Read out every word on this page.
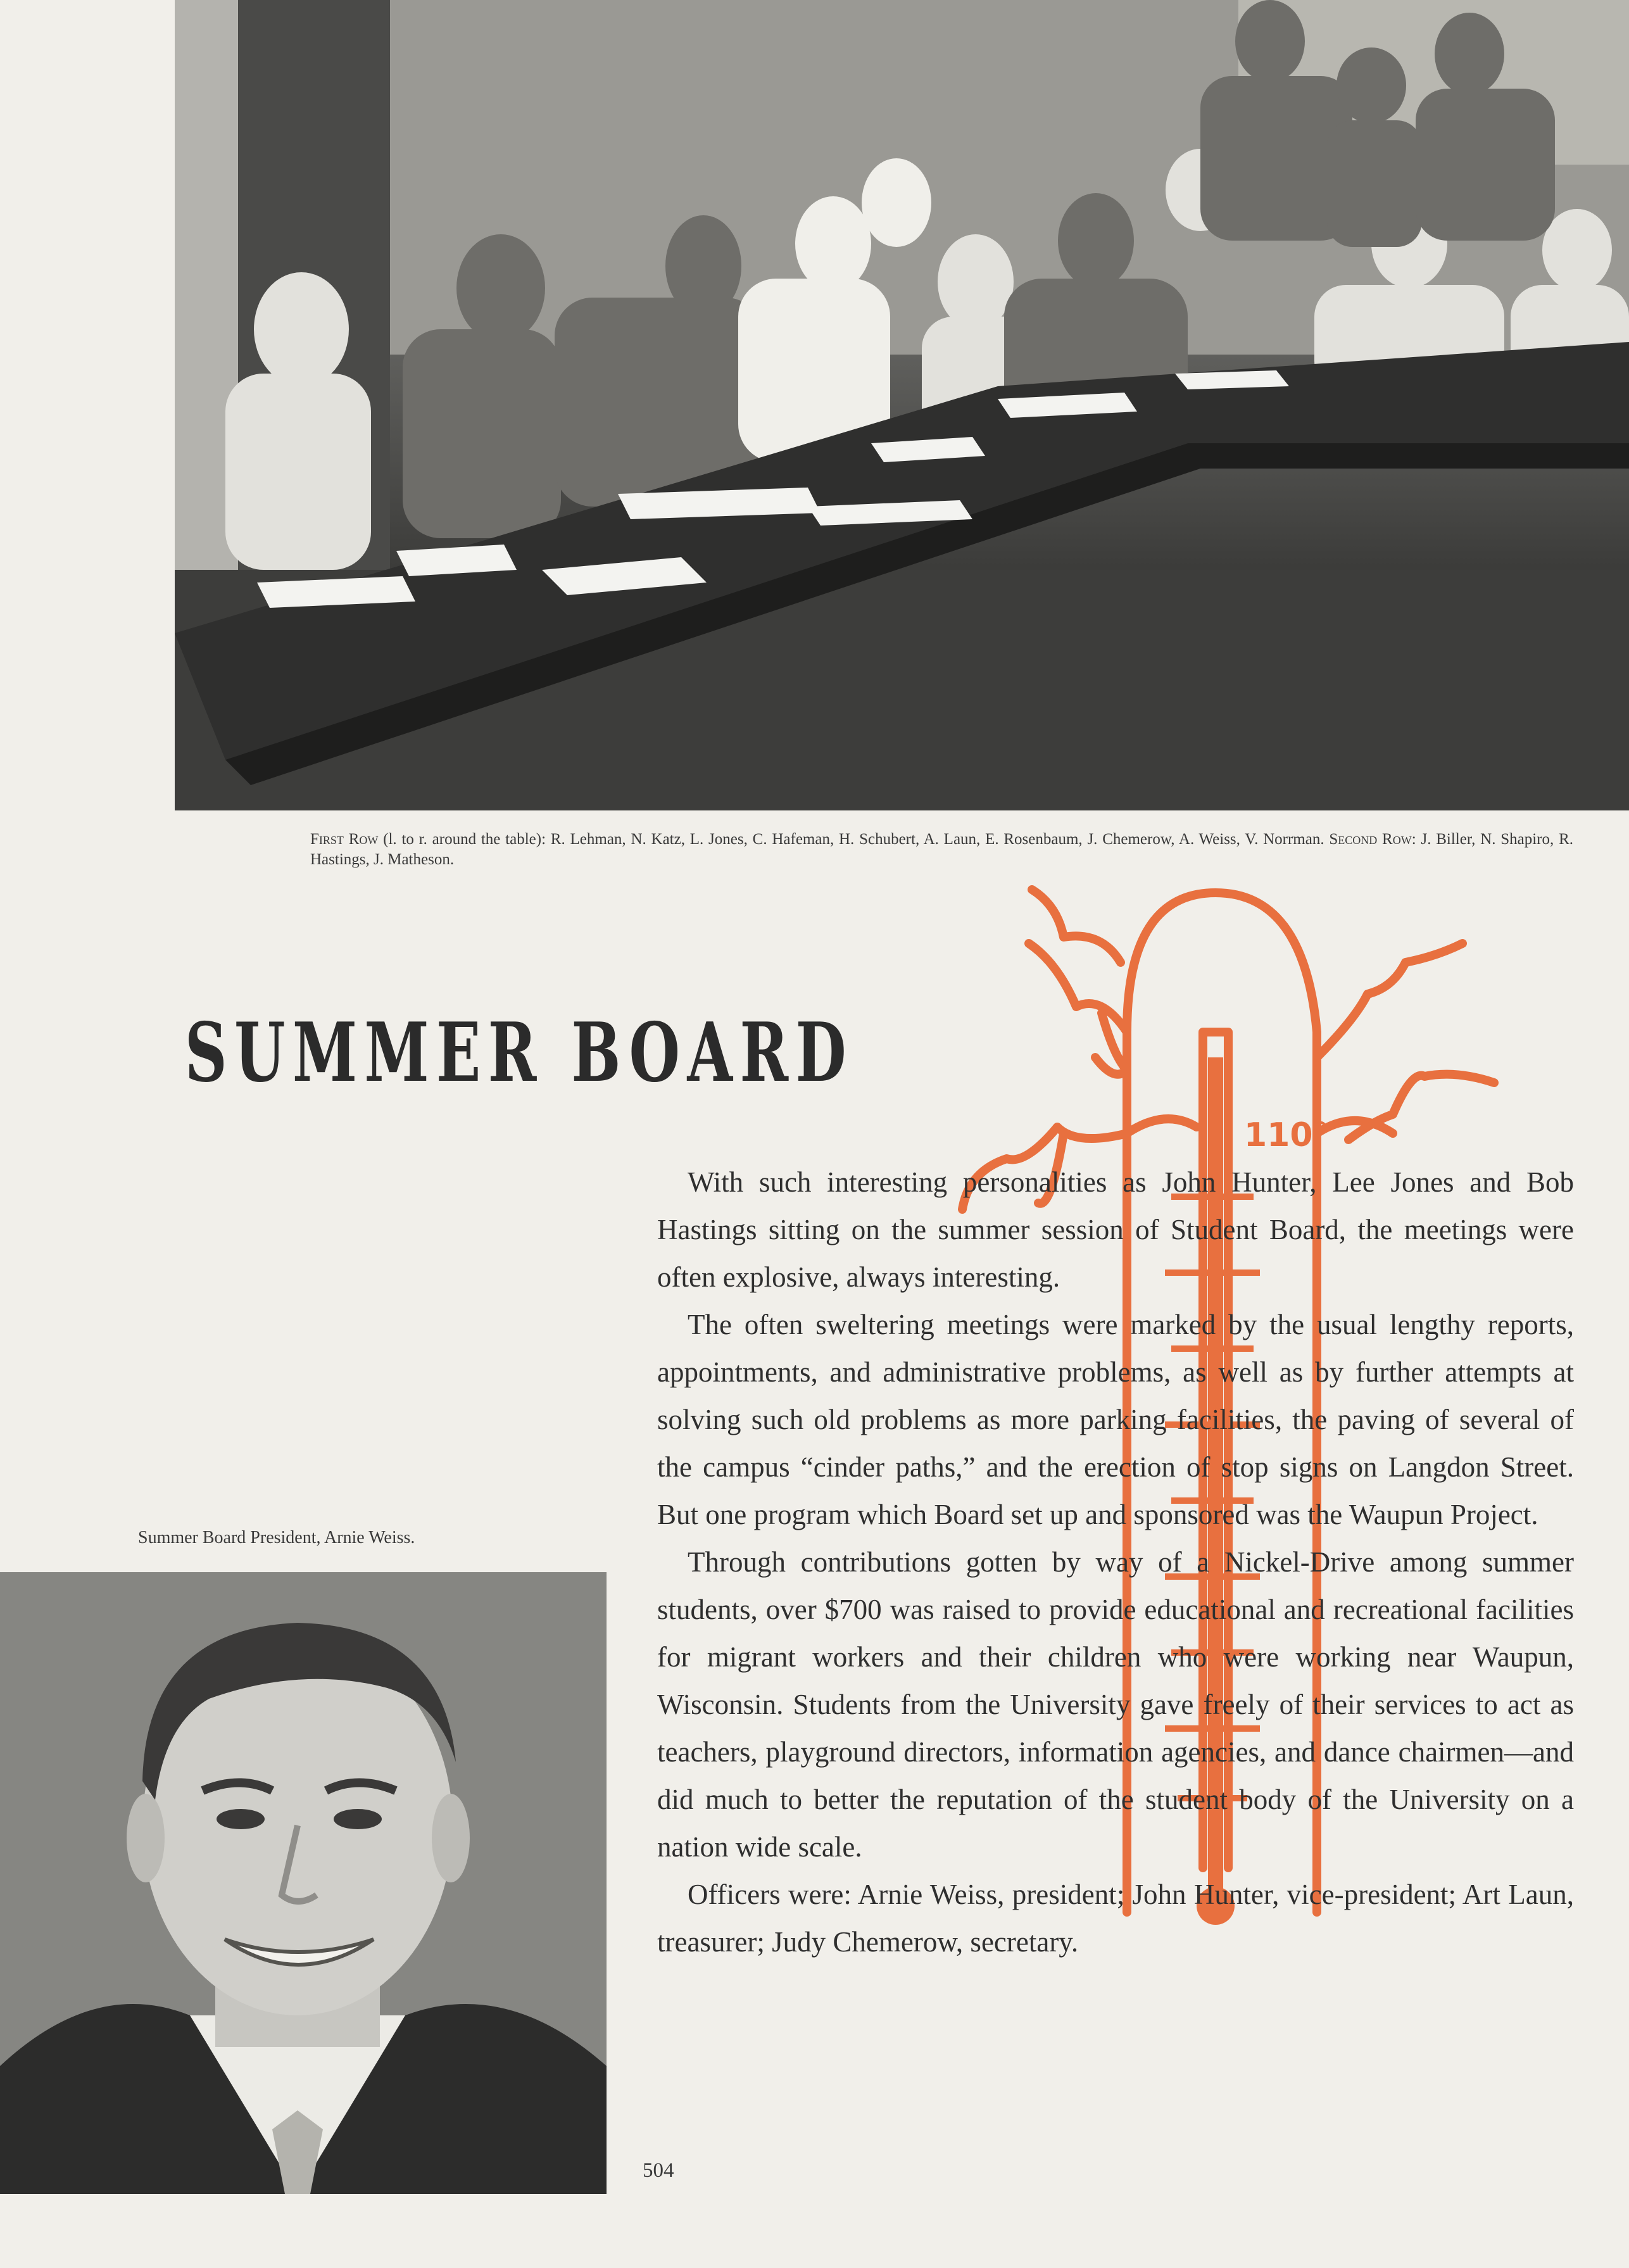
First Row (l. to r. around the table): R. Lehman, N. Katz, L. Jones, C. Hafeman, H. Schubert, A. Laun, E. Rosenbaum, J. Chemerow, A. Weiss, V. Norrman. Second Row: J. Biller, N. Shapiro, R. Hastings, J. Matheson.

SUMMER BOARD
110°

With such interesting personalities as John Hunter, Lee Jones and Bob Hastings sitting on the summer session of Student Board, the meetings were often explosive, always interesting.

The often sweltering meetings were marked by the usual lengthy reports, appointments, and administrative problems, as well as by further attempts at solving such old problems as more parking facilities, the paving of several of the campus “cinder paths,” and the erection of stop signs on Langdon Street. But one program which Board set up and sponsored was the Waupun Project.

Through contributions gotten by way of a Nickel-Drive among summer students, over $700 was raised to provide educational and recreational facilities for migrant workers and their children who were working near Waupun, Wisconsin. Students from the University gave freely of their services to act as teachers, playground directors, information agencies, and dance chairmen—and did much to better the reputation of the student body of the University on a nation wide scale.

Officers were: Arnie Weiss, president; John Hunter, vice-president; Art Laun, treasurer; Judy Chemerow, secretary.

Summer Board President, Arnie Weiss.

504
